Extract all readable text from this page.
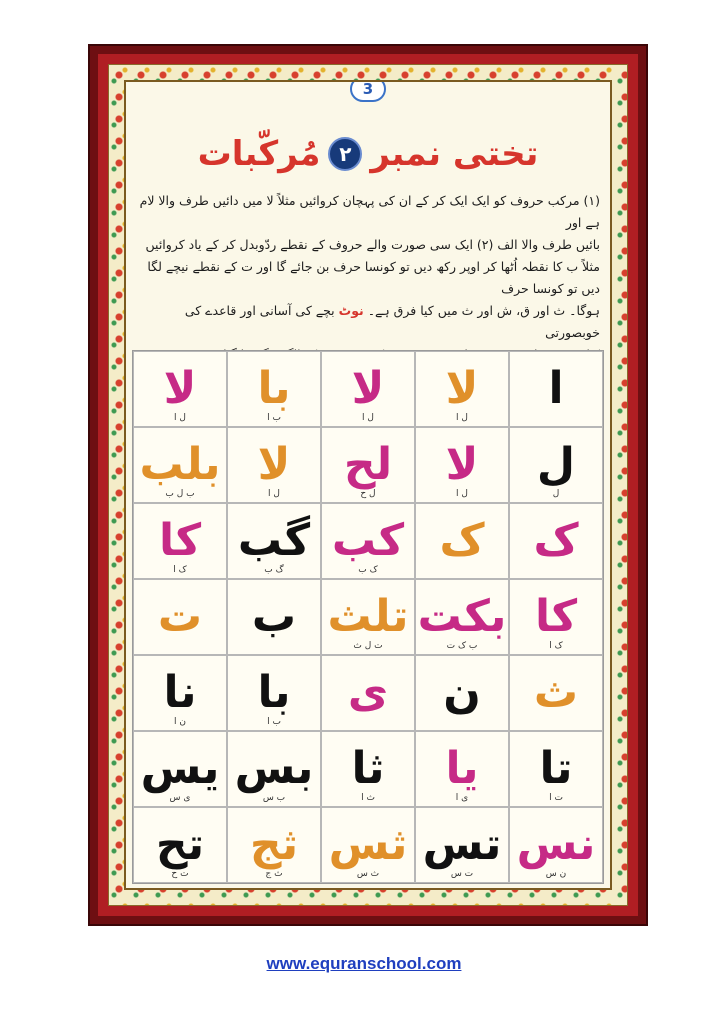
3
تختی نمبر
۲
مُرکّبات
(۱) مرکب حروف کو ایک ایک کر کے ان کی پہچان کروائیں مثلاً لا میں دائیں طرف والا لام ہے اور
بائیں طرف والا الف (۲) ایک سی صورت والے حروف کے نقطے ردّوبدل کر کے یاد کروائیں
مثلاً ب کا نقطہ اُٹھا کر اوپر رکھ دیں تو کونسا حرف بن جائے گا اور ت کے نقطے نیچے لگا دیں تو کونسا حرف
ہوگا۔ ث اور ق، ش اور ث میں کیا فرق ہے۔ نوٹ بچے کی آسانی اور قاعدے کی خوبصورتی
ا
لا
ل ا
لا
ل ا
با
ب ا
لا
ل ا
ل
ل
لا
ل ا
لح
ل ح
لا
ل ا
بلب
ب ل ب
ک
ک
کب
ک ب
گب
گ ب
کا
ک ا
کا
ک ا
بکت
ب ک ت
تلث
ت ل ث
ب
ت
ث
ن
ی
با
ب ا
نا
ن ا
تا
ت ا
یا
ی ا
ثا
ث ا
بس
ب س
یس
ی س
نس
ن س
تس
ت س
ثس
ث س
ثج
ث ج
تح
ت ح
www.equranschool.com
